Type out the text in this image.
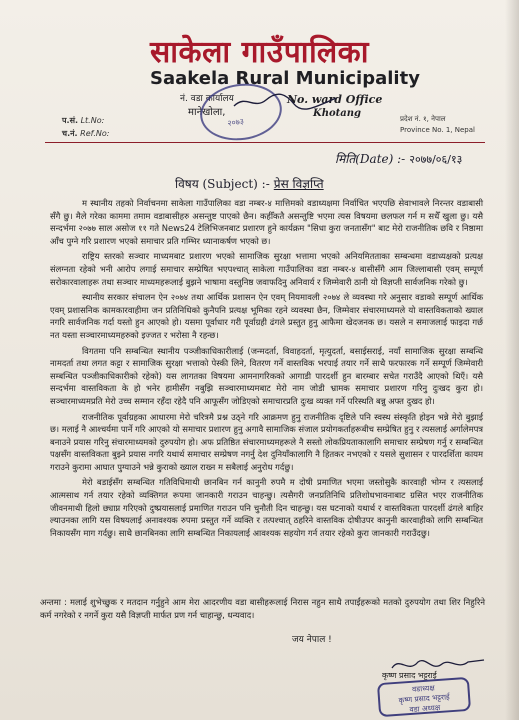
साकेला गाउँपालिका
Saakela Rural Municipality
नं. वडा कार्यालय	No. ward Office
मानेखोला,	Khotang
२०७३
प.सं. Lt.No:
च.नं. Ref.No:
प्रदेश नं. १, नेपाल
Province No. 1, Nepal
मिति(Date) :- २०७७/०६/१३
विषय (Subject) :- प्रेस विज्ञप्ति

म स्थानीय तहको निर्वाचनमा साकेला गाउँपालिका वडा नम्बर-४ मात्तिमको वडाध्यक्षमा निर्वाचित भएपछि सेवाभावले निरन्तर वडाबासी सँगै छु। मैले गरेका काममा तमाम वडाबासीहरु असन्तुष्ट पाएको छैन। कहीँकतै असन्तुष्टि भएमा त्यस विषयमा छलफल गर्न म सधैँ खुला छु। यसै सन्दर्भमा २०७७ साल असोज ११ गते News24 टेलिभिजनबाट प्रशारण हुने कार्यक्रम "सिधा कुरा जनतासँग" बाट मेरो राजनीतिक छवि र निष्ठामा आँच पुग्ने गरि प्रशारण भएको समाचार प्रति गम्भिर ध्यानाकर्षण भएको छ।

राष्ट्रिय स्तरको सञ्चार माध्यमबाट प्रशारण भएको सामाजिक सुरक्षा भत्तामा भएको अनियमितताका सम्बन्धमा वडाध्यक्षको प्रत्यक्ष संलग्नता रहेको भनी आरोप लगाई समाचार सम्प्रेषित भएपश्चात् साकेला गाउँपालिका वडा नम्बर-४ बासीसँगै आम जिल्लाबासी एवम् सम्पूर्ण सरोकारवालाहरू तथा सञ्चार माध्यमहरूलाई बुझने भाषामा वस्तुनिष्ठ जवाफदिनु अनिवार्य र जिम्मेवारी ठानी यो विज्ञप्ती सार्वजनिक गरेको छु।

स्थानीय सरकार संचालन ऐन २०७४ तथा आर्थिक प्रशासन ऐन एवम् नियमावली २०७४ ले व्यवस्था गरे अनुसार वडाको सम्पूर्ण आर्थिक एवम् प्रशासनिक कामकारवाहीमा जन प्रतिनिधिको कुनैपनि प्रत्यक्ष भूमिका रहने व्यवस्था छैन, जिम्मेवार संचारमाध्यमले यो वास्तविकताको ख्याल नगरि सार्वजनिक गर्दा यस्तो हुन आएको हो। यसमा पूर्वाधार गरी पूर्वाग्रही ढंगले प्रस्तुत हुनु आफैमा खेदजनक छ। यसले न समाजलाई फाइदा गर्छ नत यस्ता सञ्चारमाध्यमहरुको इज्जत र भरोसा नै रहन्छ।

विगतमा पनि सम्बन्धित स्थानीय पञ्जीकाधिकारीलाई (जन्मदर्ता, विवाहदर्ता, मृत्युदर्ता, बसाईसराई, नयाँ सामाजिक सुरक्षा सम्बन्धि नामदर्ता तथा लगत कट्टा र सामाजिक सुरक्षा भत्ताको पेस्की लिने, वितरण गर्ने वास्तविक भरपाई तयार गर्ने साथै फरफारक गर्ने सम्पूर्ण जिम्मेवारी सम्बन्धित पञ्जीकाधिकारीको रहेको) यस लागतका विषयमा आमनागरिकको आगाडी पारदर्शी हुन बारम्बार सचेत गराउँदै आएको थिएँ। यसै सन्दर्भमा वास्तविकता के हो भनेर हामीसँग नबुझि सञ्चारमाध्यमबाट मेरो नाम जोडी भ्रामक समाचार प्रशारण गरिनु दुःखद कुरा हो। सञ्चारमाध्यमप्रति मेरो उच्च सम्मान रहँदा रहेदै पनि आफूसँग जोडिएको समाचारप्रति दुःख व्यक्त गर्ने परिस्थति बन्नु अफ्त दुखद हो।

राजनीतिक पूर्वाग्रहका आधारमा मेरो चरित्रमै प्रश्न उठ्ने गरि आक्रमण हुनु राजनीतिक दृष्टिले पनि स्वस्थ संस्कृति होइन भन्ने मेरो बुझाई छ। मलाई नै आश्चर्यमा पार्ने गरि आएको यो समाचार प्रशारण हुनु अगावै सामाजिक संजाल प्रयोगकर्ताहरूबीच सम्प्रेषित हुनु र त्यसलाई अर्गालेमपत्र बनाउने प्रयास गरिनु संचारमाध्यमको दुरुपयोग हो। अफ प्रतिष्ठित संचारमाध्यमहरूले नै सस्तो लोकप्रियताकालागि समाचार सम्प्रेषण गर्नु र सम्बन्धित पक्षसँग वास्तविकता बुझ्ने प्रयास नगरि यथार्थ समाचार सम्प्रेषण नगर्नु देश दुनियाँकालागि नै हितकर नभएको र यसले सुशासन र पारदर्शिता कायम गराउने कुरामा आघात पुग्याउने भन्ने कुराको ख्याल राख्न म सबैलाई अनुरोध गर्दछु।

मेरो बडाईसँग सम्बन्धित गतिविधिमाथी छानबिन गर्न कानुनी रुपमै म दोषी प्रमाणित भएमा जस्तोसुकै कारवाही भोग्न र त्यसलाई आत्मसाथ गर्न तयार रहेको व्यक्तिगत रूपमा जानकारी गराउन चाहन्छु। त्यसैगरी जनप्रतिनिधि प्रतिशोधभावनाबाट ग्रसित भएर राजनीतिक जीवनमाथी हिलो छ्याप्न गरिएको दुष्प्रयासलाई प्रमाणित गराउन पनि चुनौती दिन चाहन्छु। यस घटनाको यथार्थ र वास्तविकता पारदर्शी ढंगले बाहिर ल्याउनका लागि यस विषयलाई अनावश्यक रुपमा प्रस्तुत गर्ने व्यक्ति र तत्पश्चात् ठहरिने वास्तविक दोषीउपर कानुनी कारवाहीको लागि सम्बन्धित निकायसँग माग गर्दछु। साथै छानबिनका लागि सम्बन्धित निकायलाई आवश्यक सहयोग गर्न तयार रहेको कुरा जानकारी गराउँदछु।

अन्तमा : मलाई शुभेच्छुक र मतदान गर्नुहुने आम मेरा आदरणीय वडा बासीहरूलाई निरास नहुन साथै तपाईंहरूको मतको दुरुपयोग तथा शिर निहुरिने कर्म नगरेको र नगर्ने कुरा यसै विज्ञप्ती मार्फत प्रण गर्न चाहान्छु, धन्यवाद।
जय नेपाल !
कृष्ण प्रसाद भट्टराई
वडाध्यक्ष
कृष्ण प्रसाद भट्टराई
वडा अध्यक्ष
